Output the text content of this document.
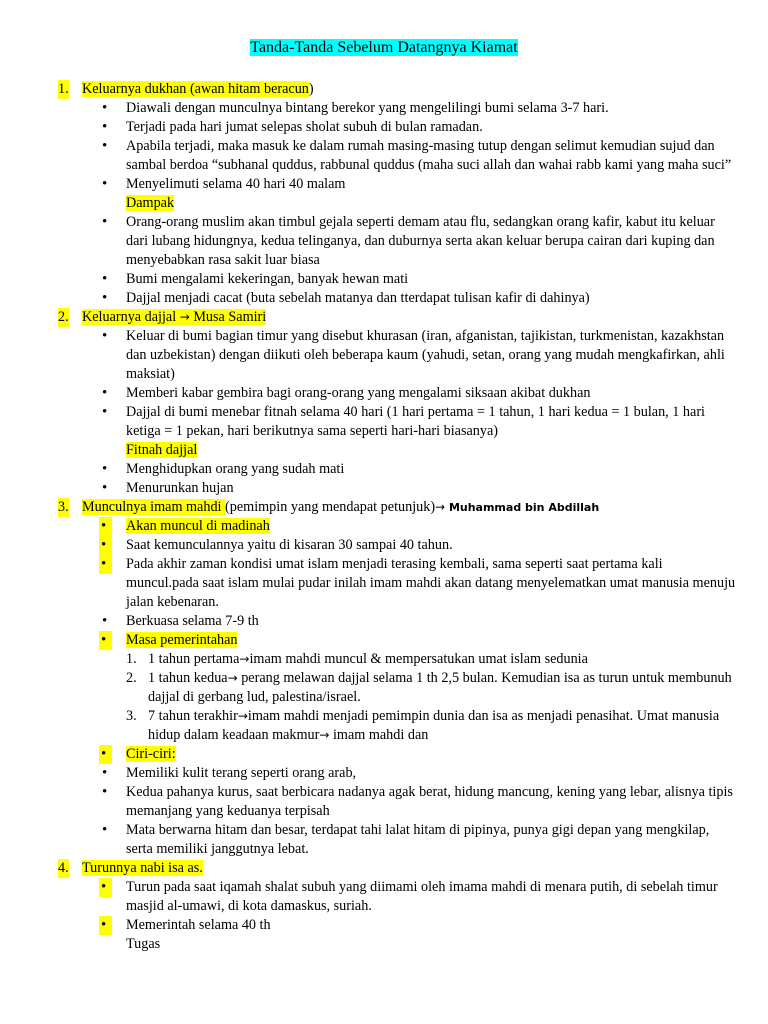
Tanda-Tanda Sebelum Datangnya Kiamat
1. Keluarnya dukhan (awan hitam beracun)
• Diawali dengan munculnya bintang berekor yang mengelilingi bumi selama 3-7 hari.
• Terjadi pada hari jumat selepas sholat subuh di bulan ramadan.
• Apabila terjadi, maka masuk ke dalam rumah masing-masing tutup dengan selimut kemudian sujud dan sambal berdoa “subhanal quddus, rabbunal quddus (maha suci allah dan wahai rabb kami yang maha suci”
• Menyelimuti selama 40 hari 40 malam
Dampak
• Orang-orang muslim akan timbul gejala seperti demam atau flu, sedangkan orang kafir, kabut itu keluar dari lubang hidungnya, kedua telinganya, dan duburnya serta akan keluar berupa cairan dari kuping dan menyebabkan rasa sakit luar biasa
• Bumi mengalami kekeringan, banyak hewan mati
• Dajjal menjadi cacat (buta sebelah matanya dan tterdapat tulisan kafir di dahinya)
2. Keluarnya dajjal → Musa Samiri
• Keluar di bumi bagian timur yang disebut khurasan (iran, afganistan, tajikistan, turkmenistan, kazakhstan dan uzbekistan) dengan diikuti oleh beberapa kaum (yahudi, setan, orang yang mudah mengkafirkan, ahli maksiat)
• Memberi kabar gembira bagi orang-orang yang mengalami siksaan akibat dukhan
• Dajjal di bumi menebar fitnah selama 40 hari (1 hari pertama = 1 tahun, 1 hari kedua = 1 bulan, 1 hari ketiga = 1 pekan, hari berikutnya sama seperti hari-hari biasanya)
Fitnah dajjal
• Menghidupkan orang yang sudah mati
• Menurunkan hujan
3. Munculnya imam mahdi (pemimpin yang mendapat petunjuk)→ Muhammad bin Abdillah
• Akan muncul di madinah
• Saat kemunculannya yaitu di kisaran 30 sampai 40 tahun.
• Pada akhir zaman kondisi umat islam menjadi terasing kembali, sama seperti saat pertama kali muncul.pada saat islam mulai pudar inilah imam mahdi akan datang menyelematkan umat manusia menuju jalan kebenaran.
• Berkuasa selama 7-9 th
• Masa pemerintahan
1. 1 tahun pertama→imam mahdi muncul & mempersatukan umat islam sedunia
2. 1 tahun kedua→ perang melawan dajjal selama 1 th 2,5 bulan. Kemudian isa as turun untuk membunuh dajjal di gerbang lud, palestina/israel.
3. 7 tahun terakhir→imam mahdi menjadi pemimpin dunia dan isa as menjadi penasihat. Umat manusia hidup dalam keadaan makmur→ imam mahdi dan
• Ciri-ciri:
• Memiliki kulit terang seperti orang arab,
• Kedua pahanya kurus, saat berbicara nadanya agak berat, hidung mancung, kening yang lebar, alisnya tipis memanjang yang keduanya terpisah
• Mata berwarna hitam dan besar, terdapat tahi lalat hitam di pipinya, punya gigi depan yang mengkilap, serta memiliki janggutnya lebat.
4. Turunnya nabi isa as.
• Turun pada saat iqamah shalat subuh yang diimami oleh imama mahdi di menara putih, di sebelah timur masjid al-umawi, di kota damaskus, suriah.
• Memerintah selama 40 th
Tugas
